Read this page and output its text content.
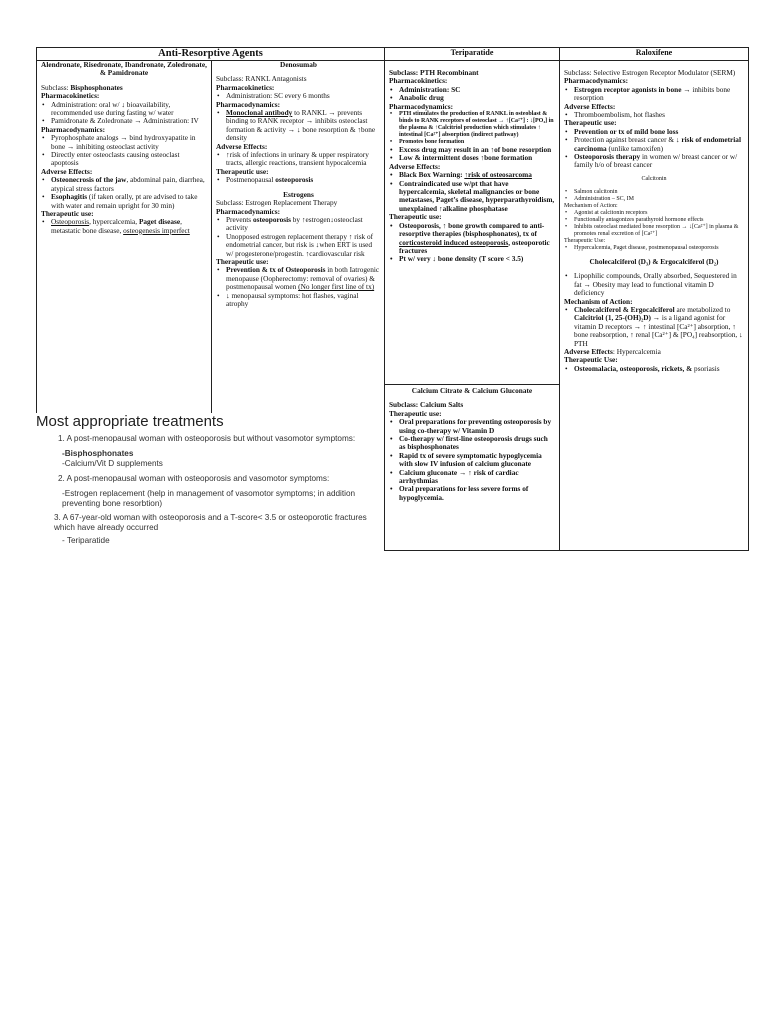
Anti-Resorptive Agents

Alendronate, Risedronate, Ibandronate, Zoledronate, & Pamidronate

Subclass: Bisphosphonates

Pharmacokinetics:

• Administration: oral w/ ↓ bioavailability, recommended use during fasting w/ water
• Pamidronate & Zoledronate → Administration: IV

Pharmacodynamics:

• Pyrophosphate analogs → bind hydroxyapatite in bone → inhibiting osteoclast activity
• Directly enter osteoclasts causing osteoclast apoptosis

Adverse Effects:

• Osteonecrosis of the jaw, abdominal pain, diarrhea, atypical stress factors
• Esophagitis (if taken orally, pt are advised to take with water and remain upright for 30 min)

Therapeutic use:

• Osteoporosis, hypercalcemia, Paget disease, metastatic bone disease, osteogenesis imperfect

Denosumab

Subclass: RANKL Antagonists

Pharmacokinetics:

• Administration: SC every 6 months

Pharmacodynamics:

• Monoclonal antibody to RANKL → prevents binding to RANK receptor → inhibits osteoclast formation & activity → ↓ bone resorption & ↑bone density

Adverse Effects:

• ↑risk of infections in urinary & upper respiratory tracts, allergic reactions, transient hypocalcemia

Therapeutic use:

• Postmenopausal osteoporosis

Estrogens

Subclass: Estrogen Replacement Therapy

Pharmacodynamics:

• Prevents osteoporosis by ↑estrogen↓osteoclast activity
• Unopposed estrogen replacement therapy ↑ risk of endometrial cancer, but risk is ↓when ERT is used w/ progesterone/progestin. ↑cardiovascular risk

Therapeutic use:

• Prevention & tx of Osteoporosis in both Iatrogenic menopause (Oopherectomy: removal of ovaries) & postmenopausal women (No longer first line of tx)
• ↓ menopausal symptoms: hot flashes, vaginal atrophy
Teriparatide

Subclass: PTH Recombinant

Pharmacokinetics:

• Administration: SC
• Anabolic drug

Pharmacodynamics:

• PTH stimulates the production of RANKL in osteoblast & binds to RANK receptors of osteoclast → ↑[Ca²⁺] : ↓[PO₄] in the plasma & ↑Calcitriol production which stimulates ↑ intestinal [Ca²⁺] absorption (indirect pathway)
• Promotes bone formation
• Excess drug may result in an ↑of bone resorption
• Low & intermittent doses ↑bone formation

Adverse Effects:

• Black Box Warning: ↑risk of osteosarcoma
• Contraindicated use w/pt that have hypercalcemia, skeletal malignancies or bone metastases, Paget’s disease, hyperparathyroidism, unexplained ↑alkaline phosphatase

Therapeutic use:

• Osteoporosis, ↑ bone growth compared to anti-resorptive therapies (bisphosphonates), tx of corticosteroid induced osteoporosis, osteoporotic fractures
• Pt w/ very ↓ bone density (T score < 3.5)

Calcium Citrate & Calcium Gluconate

Subclass: Calcium Salts

Therapeutic use:

• Oral preparations for preventing osteoporosis by using co-therapy w/ Vitamin D
• Co-therapy w/ first-line osteoporosis drugs such as bisphosphonates
• Rapid tx of severe symptomatic hypoglycemia with slow IV infusion of calcium gluconate
• Calcium gluconate → ↑ risk of cardiac arrhythmias
• Oral preparations for less severe forms of hypoglycemia.
Raloxifene

Subclass: Selective Estrogen Receptor Modulator (SERM)

Pharmacodynamics:

• Estrogen receptor agonists in bone → inhibits bone resorption

Adverse Effects:

• Thromboembolism, hot flashes

Therapeutic use:

• Prevention or tx of mild bone loss
• Protection against breast cancer & ↓ risk of endometrial carcinoma (unlike tamoxifen)
• Osteoporosis therapy in women w/ breast cancer or w/ family h/o of breast cancer

Calcitonin

• Salmon calcitonin
• Administration – SC, IM

Mechanism of Action:

• Agonist at calcitonin receptors
• Functionally antagonizes parathyroid hormone effects
• Inhibits osteoclast mediated bone resorption → ↓[Ca²⁺] in plasma & promotes renal excretion of [Ca²⁺]

Therapeutic Use:

• Hypercalcemia, Paget disease, postmenopausal osteoporosis

Cholecalciferol (D₃) & Ergocalciferol (D₂)

• Lipophilic compounds, Orally absorbed, Sequestered in fat → Obesity may lead to functional vitamin D deficiency

Mechanism of Action:

• Cholecalciferol & Ergocalciferol are metabolized to Calcitriol (1, 25-(OH)₂D) → is a ligand agonist for vitamin D receptors → ↑ intestinal [Ca²⁺] absorption, ↑ bone reabsorption, ↑ renal [Ca²⁺] & [PO₄] reabsorption, ↓ PTH

Adverse Effects: Hypercalcemia

Therapeutic Use:

• Osteomalacia, osteoporosis, rickets, & psoriasis
Most appropriate treatments

1. A post-menopausal woman with osteoporosis but without vasomotor symptoms:

-Bisphosphonates

-Calcium/Vit D supplements

2. A post-menopausal woman with osteoporosis and vasomotor symptoms:

-Estrogen replacement (help in management of vasomotor symptoms; in addition preventing bone resorbtion)

3. A 67-year-old woman with osteoporosis and a T-score< 3.5 or osteoporotic fractures which have already occurred

- Teriparatide
